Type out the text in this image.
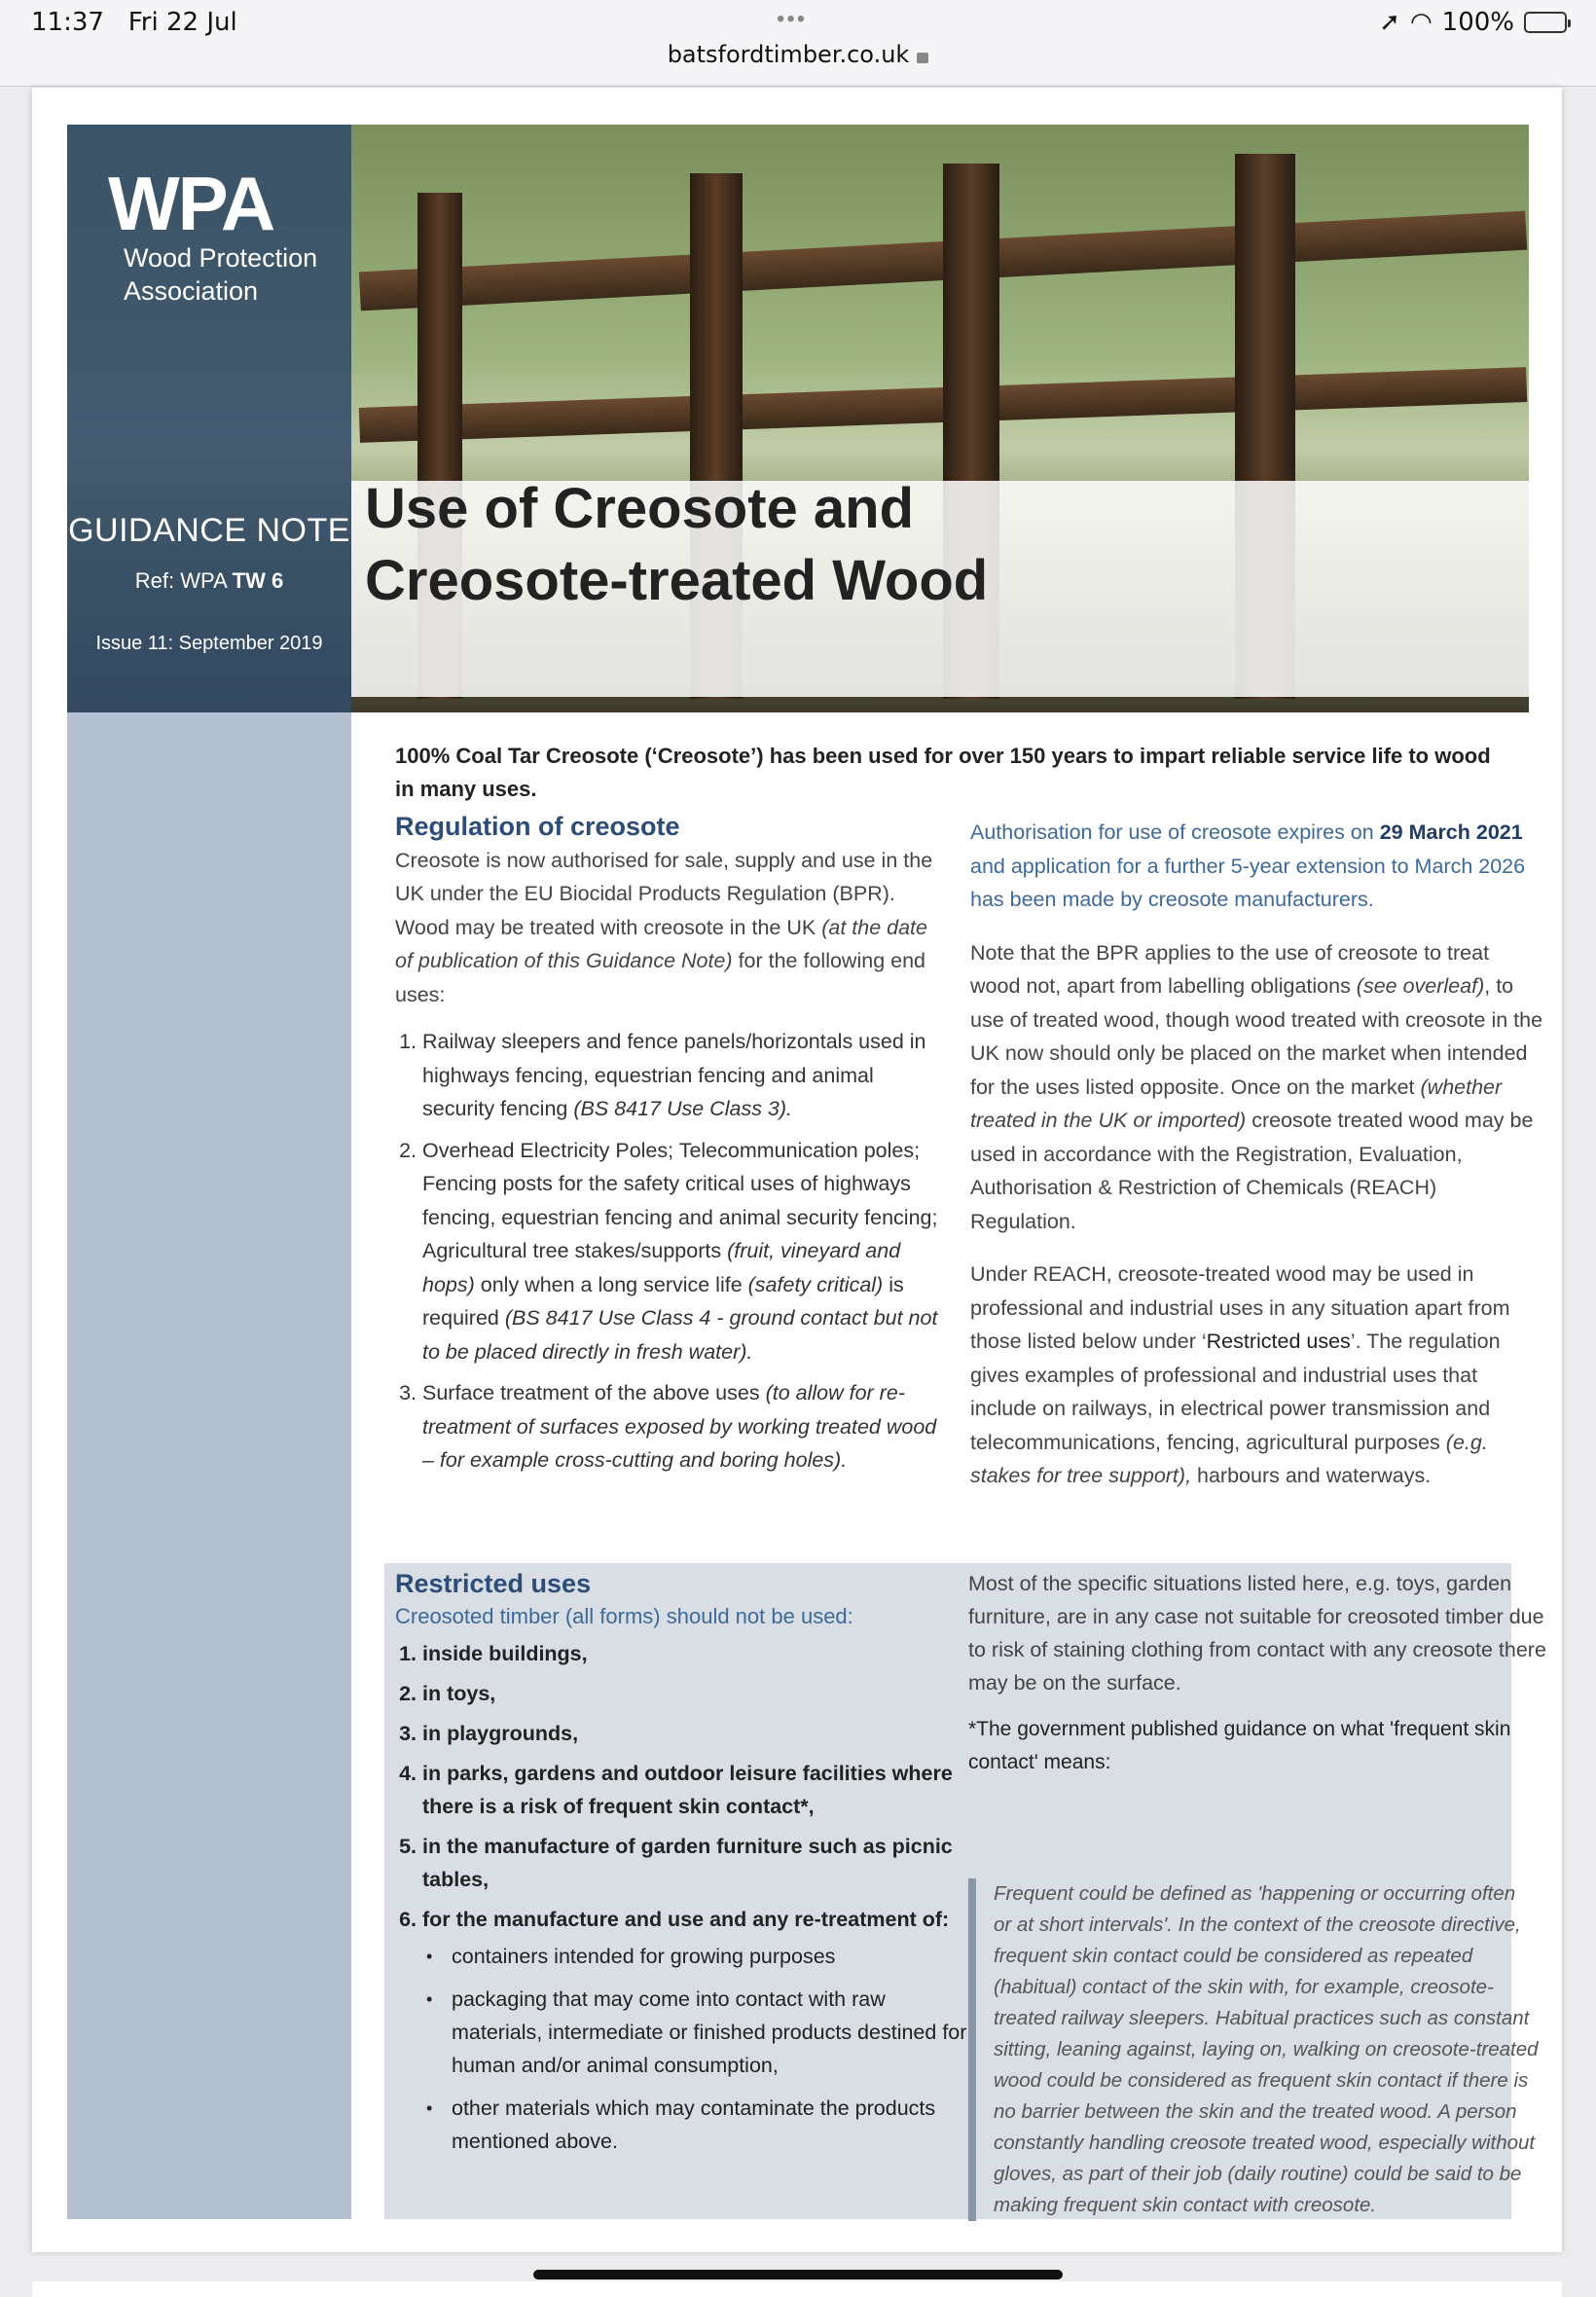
11:37 Fri 22 Jul	•••
batsfordtimber.co.uk
➚ ◠ 100%
WPA
Wood Protection
Association
GUIDANCE NOTE
Ref: WPA TW 6
Issue 11: September 2019
Use of Creosote and
Creosote-treated Wood
100% Coal Tar Creosote (‘Creosote’) has been used for over 150 years to impart reliable service life to wood in many uses.
Regulation of creosote

Creosote is now authorised for sale, supply and use in the UK under the EU Biocidal Products Regulation (BPR). Wood may be treated with creosote in the UK (at the date of publication of this Guidance Note) for the following end uses:

1. Railway sleepers and fence panels/horizontals used in highways fencing, equestrian fencing and animal security fencing (BS 8417 Use Class 3).
2. Overhead Electricity Poles; Telecommunication poles; Fencing posts for the safety critical uses of highways fencing, equestrian fencing and animal security fencing; Agricultural tree stakes/supports (fruit, vineyard and hops) only when a long service life (safety critical) is required (BS 8417 Use Class 4 - ground contact but not to be placed directly in fresh water).
3. Surface treatment of the above uses (to allow for re-treatment of surfaces exposed by working treated wood – for example cross-cutting and boring holes).

Authorisation for use of creosote expires on 29 March 2021 and application for a further 5-year extension to March 2026 has been made by creosote manufacturers.

Note that the BPR applies to the use of creosote to treat wood not, apart from labelling obligations (see overleaf), to use of treated wood, though wood treated with creosote in the UK now should only be placed on the market when intended for the uses listed opposite. Once on the market (whether treated in the UK or imported) creosote treated wood may be used in accordance with the Registration, Evaluation, Authorisation & Restriction of Chemicals (REACH) Regulation.

Under REACH, creosote-treated wood may be used in professional and industrial uses in any situation apart from those listed below under ‘Restricted uses’. The regulation gives examples of professional and industrial uses that include on railways, in electrical power transmission and telecommunications, fencing, agricultural purposes (e.g. stakes for tree support), harbours and waterways.

Restricted uses
Creosoted timber (all forms) should not be used:
1. inside buildings,
2. in toys,
3. in playgrounds,
4. in parks, gardens and outdoor leisure facilities where there is a risk of frequent skin contact*,
5. in the manufacture of garden furniture such as picnic tables,
6. for the manufacture and use and any re-treatment of:
• containers intended for growing purposes
• packaging that may come into contact with raw materials, intermediate or finished products destined for human and/or animal consumption,
• other materials which may contaminate the products mentioned above.

Most of the specific situations listed here, e.g. toys, garden furniture, are in any case not suitable for creosoted timber due to risk of staining clothing from contact with any creosote there may be on the surface.

*The government published guidance on what 'frequent skin contact' means:
Frequent could be defined as 'happening or occurring often or at short intervals'. In the context of the creosote directive, frequent skin contact could be considered as repeated (habitual) contact of the skin with, for example, creosote- treated railway sleepers. Habitual practices such as constant sitting, leaning against, laying on, walking on creosote-treated wood could be considered as frequent skin contact if there is no barrier between the skin and the treated wood. A person constantly handling creosote treated wood, especially without gloves, as part of their job (daily routine) could be said to be making frequent skin contact with creosote.
